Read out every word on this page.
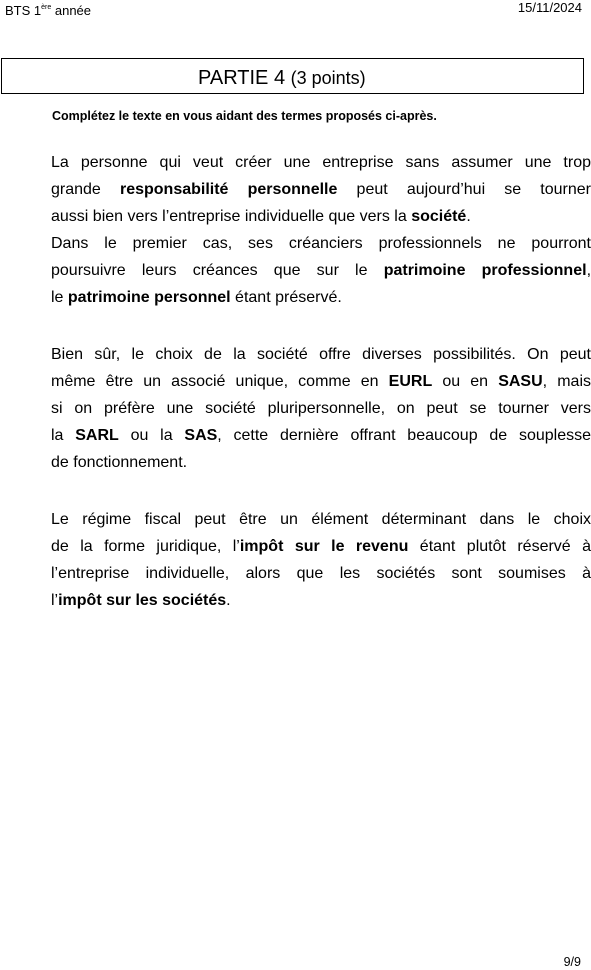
BTS 1ère année	15/11/2024
PARTIE 4 (3 points)
Complétez le texte en vous aidant des termes proposés ci-après.
La personne qui veut créer une entreprise sans assumer une trop
grande responsabilité personnelle peut aujourd’hui se tourner
aussi bien vers l’entreprise individuelle que vers la société.
Dans le premier cas, ses créanciers professionnels ne pourront
poursuivre leurs créances que sur le patrimoine professionnel,
le patrimoine personnel étant préservé.
Bien sûr, le choix de la société offre diverses possibilités. On peut
même être un associé unique, comme en EURL ou en SASU, mais
si on préfère une société pluripersonnelle, on peut se tourner vers
la SARL ou la SAS, cette dernière offrant beaucoup de souplesse
de fonctionnement.
Le régime fiscal peut être un élément déterminant dans le choix
de la forme juridique, l’impôt sur le revenu étant plutôt réservé à
l’entreprise individuelle, alors que les sociétés sont soumises à
l’impôt sur les sociétés.
9/9
